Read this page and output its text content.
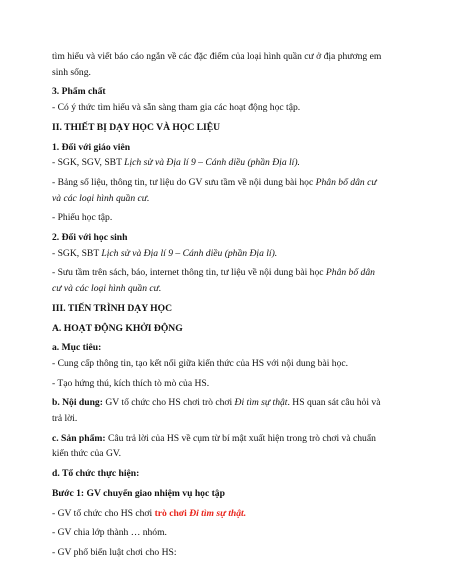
tìm hiểu và viết báo cáo ngắn về các đặc điểm của loại hình quần cư ở địa phương em

sinh sống.

3. Phẩm chất

- Có ý thức tìm hiểu và sẵn sàng tham gia các hoạt động học tập.

II. THIẾT BỊ DẠY HỌC VÀ HỌC LIỆU

1. Đối với giáo viên

- SGK, SGV, SBT Lịch sử và Địa lí 9 – Cánh diều (phần Địa lí).

- Bảng số liệu, thông tin, tư liệu do GV sưu tầm về nội dung bài học Phân bố dân cư

và các loại hình quần cư.

- Phiếu học tập.

2. Đối với học sinh

- SGK, SBT Lịch sử và Địa lí 9 – Cánh diều (phần Địa lí).

- Sưu tầm trên sách, báo, internet thông tin, tư liệu về nội dung bài học Phân bố dân

cư và các loại hình quần cư.

III. TIẾN TRÌNH DẠY HỌC

A. HOẠT ĐỘNG KHỞI ĐỘNG

a. Mục tiêu:

- Cung cấp thông tin, tạo kết nối giữa kiến thức của HS với nội dung bài học.

- Tạo hứng thú, kích thích tò mò của HS.

b. Nội dung: GV tổ chức cho HS chơi trò chơi Đi tìm sự thật. HS quan sát câu hỏi và

trả lời.

c. Sản phẩm: Câu trả lời của HS về cụm từ bí mật xuất hiện trong trò chơi và chuẩn

kiến thức của GV.

d. Tổ chức thực hiện:

Bước 1: GV chuyển giao nhiệm vụ học tập

- GV tổ chức cho HS chơi trò chơi Đi tìm sự thật.

- GV chia lớp thành … nhóm.

- GV phổ biến luật chơi cho HS:
